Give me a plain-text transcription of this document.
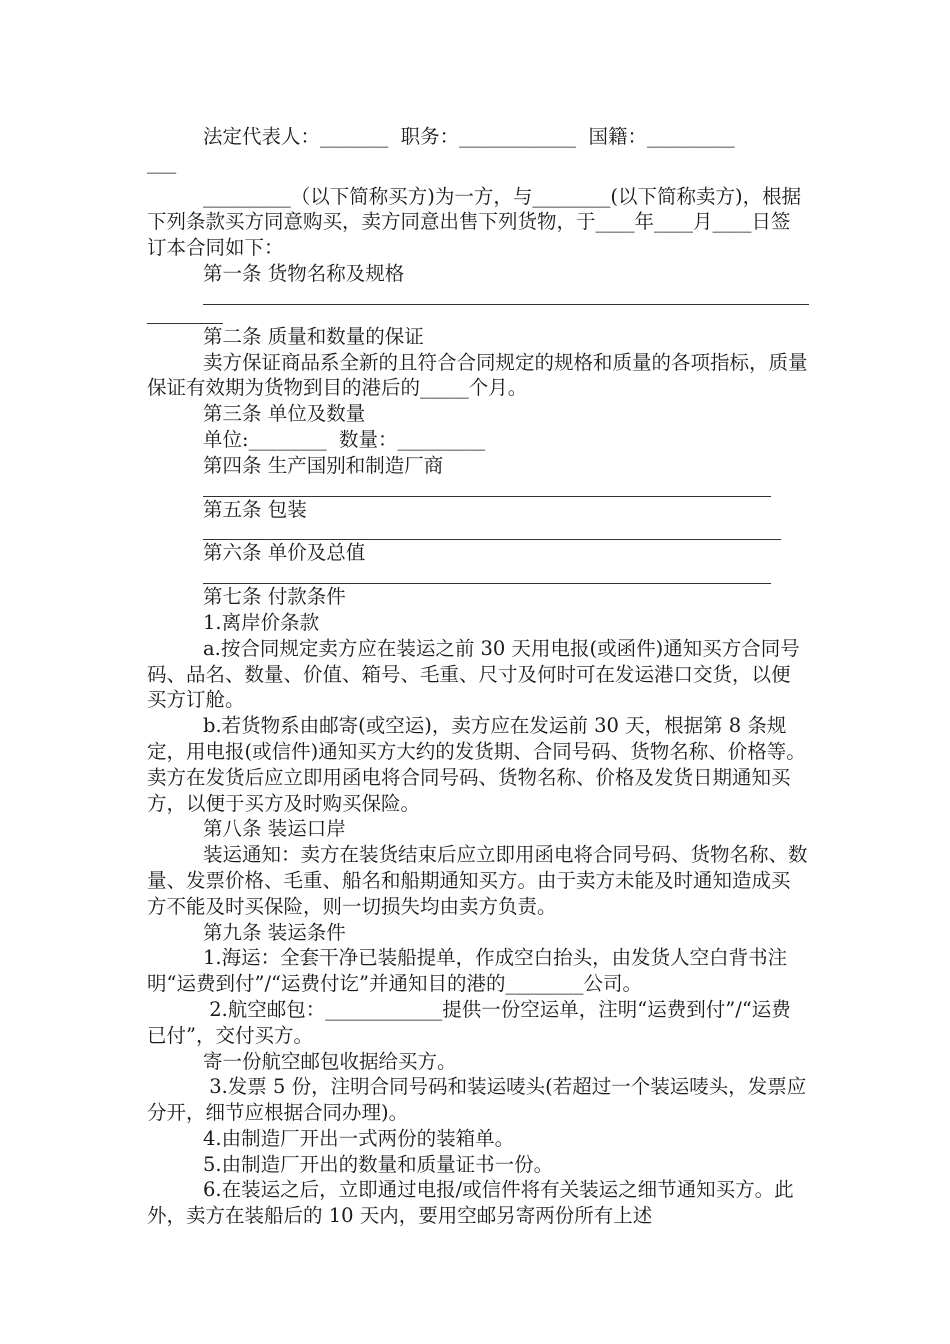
法定代表人：_______  职务：____________  国籍：_________

___

_________（以下简称买方)为一方，与________(以下简称卖方)，根据下列条款买方同意购买，卖方同意出售下列货物，于____年____月____日签订本合同如下：

第一条 货物名称及规格

第二条 质量和数量的保证

卖方保证商品系全新的且符合合同规定的规格和质量的各项指标，质量保证有效期为货物到目的港后的_____个月。

第三条 单位及数量

单位:________  数量：_________

第四条 生产国别和制造厂商

第五条 包装

第六条 单价及总值

第七条 付款条件

1.离岸价条款

a.按合同规定卖方应在装运之前 30 天用电报(或函件)通知买方合同号码、品名、数量、价值、箱号、毛重、尺寸及何时可在发运港口交货，以便买方订舱。

b.若货物系由邮寄(或空运)，卖方应在发运前 30 天，根据第 8 条规定，用电报(或信件)通知买方大约的发货期、合同号码、货物名称、价格等。卖方在发货后应立即用函电将合同号码、货物名称、价格及发货日期通知买方，以便于买方及时购买保险。

第八条 装运口岸

装运通知：卖方在装货结束后应立即用函电将合同号码、货物名称、数量、发票价格、毛重、船名和船期通知买方。由于卖方未能及时通知造成买方不能及时买保险，则一切损失均由卖方负责。

第九条 装运条件

1.海运：全套干净已装船提单，作成空白抬头，由发货人空白背书注明“运费到付”/“运费付讫”并通知目的港的________公司。

2.航空邮包：____________提供一份空运单，注明“运费到付”/“运费已付”，交付买方。

寄一份航空邮包收据给买方。

3.发票 5 份，注明合同号码和装运唛头(若超过一个装运唛头，发票应分开，细节应根据合同办理)。

4.由制造厂开出一式两份的装箱单。

5.由制造厂开出的数量和质量证书一份。

6.在装运之后，立即通过电报/或信件将有关装运之细节通知买方。此外，卖方在装船后的 10 天内，要用空邮另寄两份所有上述
